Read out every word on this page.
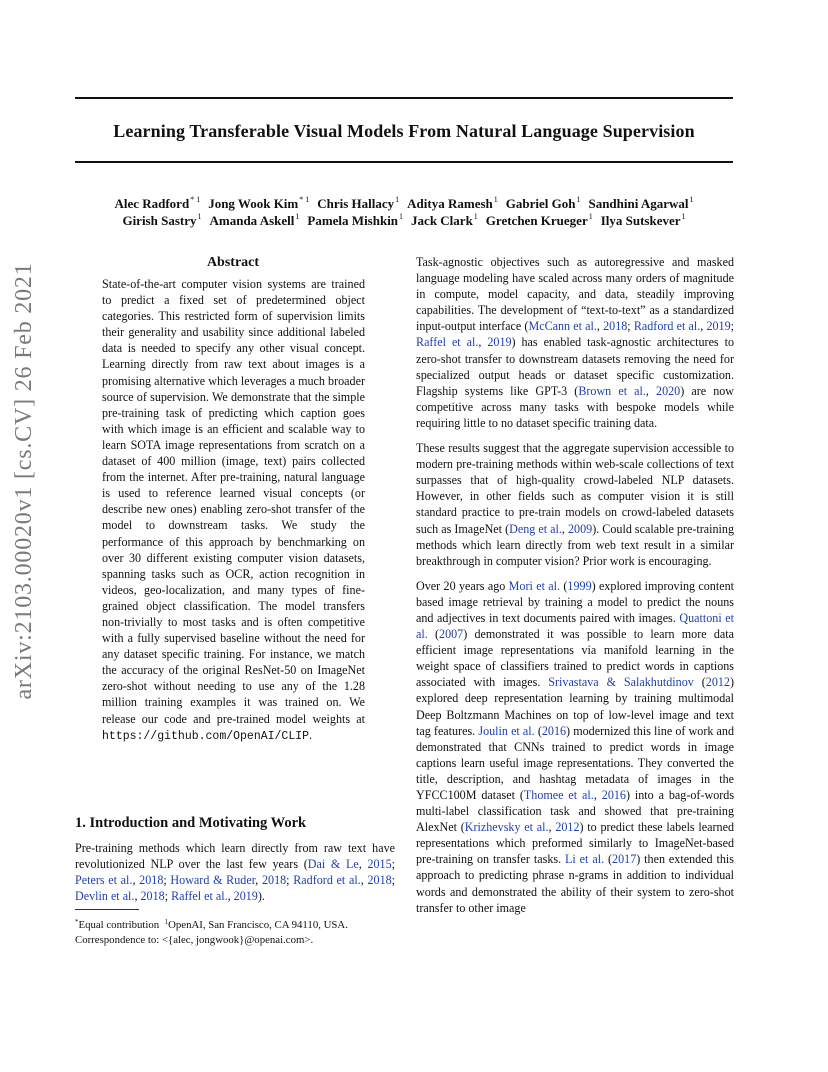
Learning Transferable Visual Models From Natural Language Supervision
Alec Radford$^{* 1}$ Jong Wook Kim$^{* 1}$ Chris Hallacy$^1$ Aditya Ramesh$^1$ Gabriel Goh$^1$ Sandhini Agarwal$^1$
Girish Sastry$^1$ Amanda Askell$^1$ Pamela Mishkin$^1$ Jack Clark$^1$ Gretchen Krueger$^1$ Ilya Sutskever$^1$
arXiv:2103.00020v1 [cs.CV] 26 Feb 2021	Abstract
State-of-the-art computer vision systems are trained to predict a fixed set of predetermined object categories. This restricted form of supervision limits their generality and usability since additional labeled data is needed to specify any other visual concept. Learning directly from raw text about images is a promising alternative which leverages a much broader source of supervision. We demonstrate that the simple pre-training task of predicting which caption goes with which image is an efficient and scalable way to learn SOTA image representations from scratch on a dataset of 400 million (image, text) pairs collected from the internet. After pre-training, natural language is used to reference learned visual concepts (or describe new ones) enabling zero-shot transfer of the model to downstream tasks. We study the performance of this approach by benchmarking on over 30 different existing computer vision datasets, spanning tasks such as OCR, action recognition in videos, geo-localization, and many types of fine-grained object classification. The model transfers non-trivially to most tasks and is often competitive with a fully supervised baseline without the need for any dataset specific training. For instance, we match the accuracy of the original ResNet-50 on ImageNet zero-shot without needing to use any of the 1.28 million training examples it was trained on. We release our code and pre-trained model weights at https://github.com/OpenAI/CLIP.
1. Introduction and Motivating Work
Pre-training methods which learn directly from raw text have revolutionized NLP over the last few years (Dai & Le, 2015; Peters et al., 2018; Howard & Ruder, 2018; Radford et al., 2018; Devlin et al., 2018; Raffel et al., 2019).
*Equal contribution $^1$OpenAI, San Francisco, CA 94110, USA.
Correspondence to: <{alec, jongwook}@openai.com>.

Task-agnostic objectives such as autoregressive and masked language modeling have scaled across many orders of magnitude in compute, model capacity, and data, steadily improving capabilities. The development of “text-to-text” as a standardized input-output interface (McCann et al., 2018; Radford et al., 2019; Raffel et al., 2019) has enabled task-agnostic architectures to zero-shot transfer to downstream datasets removing the need for specialized output heads or dataset specific customization. Flagship systems like GPT-3 (Brown et al., 2020) are now competitive across many tasks with bespoke models while requiring little to no dataset specific training data.

These results suggest that the aggregate supervision accessible to modern pre-training methods within web-scale collections of text surpasses that of high-quality crowd-labeled NLP datasets. However, in other fields such as computer vision it is still standard practice to pre-train models on crowd-labeled datasets such as ImageNet (Deng et al., 2009). Could scalable pre-training methods which learn directly from web text result in a similar breakthrough in computer vision? Prior work is encouraging.

Over 20 years ago Mori et al. (1999) explored improving content based image retrieval by training a model to predict the nouns and adjectives in text documents paired with images. Quattoni et al. (2007) demonstrated it was possible to learn more data efficient image representations via manifold learning in the weight space of classifiers trained to predict words in captions associated with images. Srivastava & Salakhutdinov (2012) explored deep representation learning by training multimodal Deep Boltzmann Machines on top of low-level image and text tag features. Joulin et al. (2016) modernized this line of work and demonstrated that CNNs trained to predict words in image captions learn useful image representations. They converted the title, description, and hashtag metadata of images in the YFCC100M dataset (Thomee et al., 2016) into a bag-of-words multi-label classification task and showed that pre-training AlexNet (Krizhevsky et al., 2012) to predict these labels learned representations which preformed similarly to ImageNet-based pre-training on transfer tasks. Li et al. (2017) then extended this approach to predicting phrase n-grams in addition to individual words and demonstrated the ability of their system to zero-shot transfer to other image
